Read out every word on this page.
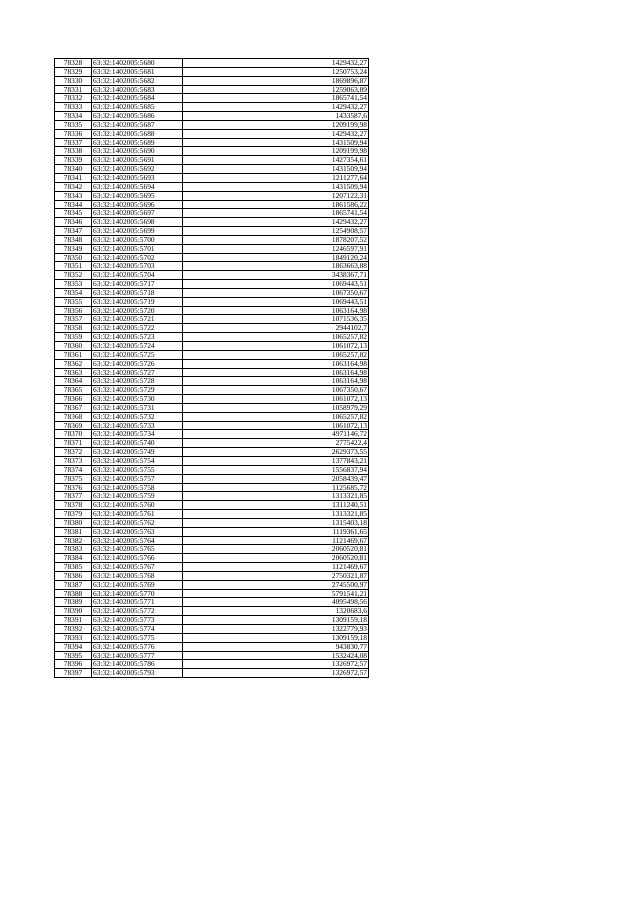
78328	63:32:1402005:5680	1429432,27
78329	63:32:1402005:5681	1250753,24
78330	63:32:1402005:5682	1869896,87
78331	63:32:1402005:5683	1259063,89
78332	63:32:1402005:5684	1865741,54
78333	63:32:1402005:5685	1429432,27
78334	63:32:1402005:5686	1433587,6
78335	63:32:1402005:5687	1209199,98
78336	63:32:1402005:5688	1429432,27
78337	63:32:1402005:5689	1431509,94
78338	63:32:1402005:5690	1209199,98
78339	63:32:1402005:5691	1427354,61
78340	63:32:1402005:5692	1431509,94
78341	63:32:1402005:5693	1211277,64
78342	63:32:1402005:5694	1431509,94
78343	63:32:1402005:5695	1207122,31
78344	63:32:1402005:5696	1861586,22
78345	63:32:1402005:5697	1865741,54
78346	63:32:1402005:5698	1429432,27
78347	63:32:1402005:5699	1254908,57
78348	63:32:1402005:5700	1878207,52
78349	63:32:1402005:5701	1246597,91
78350	63:32:1402005:5702	1849120,24
78351	63:32:1402005:5703	1863663,88
78352	63:32:1402005:5704	3438367,71
78353	63:32:1402005:5717	1069443,51
78354	63:32:1402005:5718	1067350,67
78355	63:32:1402005:5719	1069443,51
78356	63:32:1402005:5720	1063164,98
78357	63:32:1402005:5721	1071536,35
78358	63:32:1402005:5722	2944102,7
78359	63:32:1402005:5723	1065257,82
78360	63:32:1402005:5724	1061072,13
78361	63:32:1402005:5725	1065257,82
78362	63:32:1402005:5726	1063164,98
78363	63:32:1402005:5727	1063164,98
78364	63:32:1402005:5728	1063164,98
78365	63:32:1402005:5729	1067350,67
78366	63:32:1402005:5730	1061072,13
78367	63:32:1402005:5731	1058979,29
78368	63:32:1402005:5732	1065257,82
78369	63:32:1402005:5733	1061072,13
78370	63:32:1402005:5734	4971146,72
78371	63:32:1402005:5740	2775422,4
78372	63:32:1402005:5749	2629373,55
78373	63:32:1402005:5754	1377843,21
78374	63:32:1402005:5755	1556837,94
78375	63:32:1402005:5757	2058439,47
78376	63:32:1402005:5758	1125685,72
78377	63:32:1402005:5759	1313321,85
78378	63:32:1402005:5760	1311240,51
78379	63:32:1402005:5761	1313321,85
78380	63:32:1402005:5762	1315403,18
78381	63:32:1402005:5763	1119361,65
78382	63:32:1402005:5764	1121469,67
78383	63:32:1402005:5765	2060520,81
78384	63:32:1402005:5766	2060520,81
78385	63:32:1402005:5767	1121469,67
78386	63:32:1402005:5768	2750321,87
78387	63:32:1402005:5769	2745500,97
78388	63:32:1402005:5770	5791541,21
78389	63:32:1402005:5771	4095498,56
78390	63:32:1402005:5772	1320683,6
78391	63:32:1402005:5773	1309159,18
78392	63:32:1402005:5774	1322779,93
78393	63:32:1402005:5775	1309159,18
78394	63:32:1402005:5776	943830,77
78395	63:32:1402005:5777	1532424,08
78396	63:32:1402005:5786	1326972,57
78397	63:32:1402005:5793	1326972,57
